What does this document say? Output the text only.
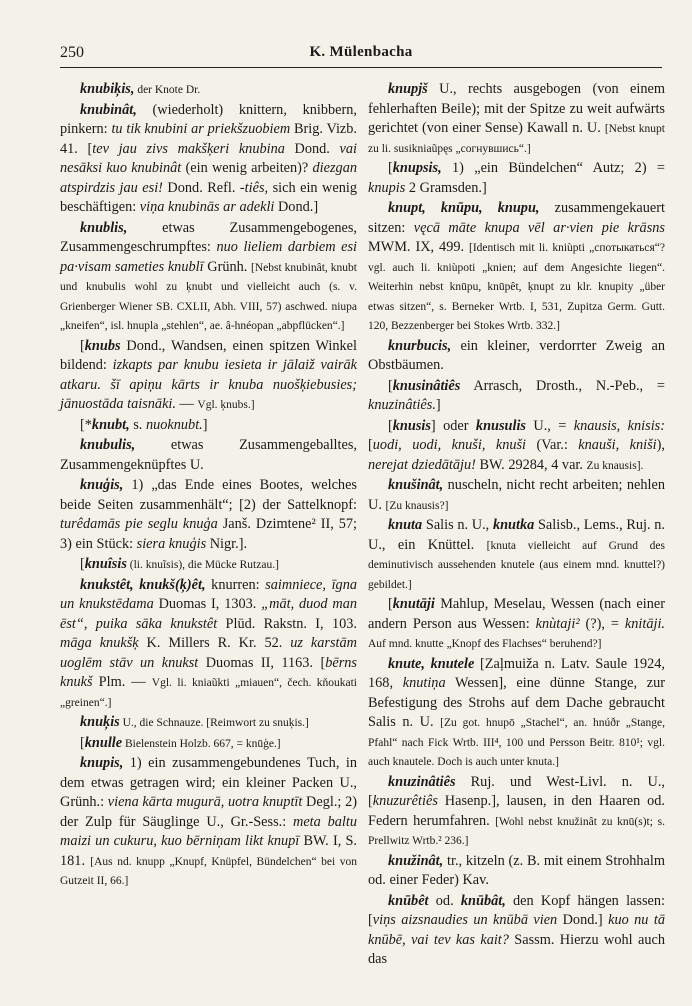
250	K. Mülenbacha

knubiķis, der Knote Dr.

knubinât, (wiederholt) knittern, knibbern, pinkern: tu tik knubini ar priekšzuobiem Brig. Vizb. 41. [tev jau zivs makšķeri knubina Dond. vai nesāksi kuo knubinât (ein wenig arbeiten)? diezgan atspirdzis jau esi! Dond. Refl. -tiês, sich ein wenig beschäftigen: viņa knubinās ar adekli Dond.]

knublis, etwas Zusammengebogenes, Zusammengeschrumpftes: nuo lieliem darbiem esi pa·visam sameties knublī Grünh. [Nebst knubinât, knubt und knubulis wohl zu ķnubt und vielleicht auch (s. v. Grienberger Wiener SB. CXLII, Abh. VIII, 57) aschwed. niupa „kneifen“, isl. hnupla „stehlen“, ae. â-hnéopan „abpflücken“.]

[knubs Dond., Wandsen, einen spitzen Winkel bildend: izkapts par knubu iesieta ir jālaiž vairāk atkaru. šī apiņu kārts ir knuba nuošķiebusies; jānuostāda taisnāki. — Vgl. ķnubs.]

[*knubt, s. nuoknubt.]

knubulis, etwas Zusammengeballtes, Zusammengeknüpftes U.

knuģis, 1) „das Ende eines Bootes, welches beide Seiten zusammenhält“; [2) der Sattelknopf: turêdamās pie seglu knuģa Janš. Dzimtene² II, 57; 3) ein Stück: siera knuģis Nigr.].

[knuîsis (li. knuĩsis), die Mücke Rutzau.]

knukstêt, knukš(ķ)êt, knurren: saimniece, īgna un knukstēdama Duomas I, 1303. „māt, duod man ēst“, puika sāka knukstêt Plūd. Rakstn. I, 103. māga knukšķ K. Millers R. Kr. 52. uz karstām uoglēm stāv un knukst Duomas II, 1163. [bērns knukš Plm. — Vgl. li. kniaũkti „miauen“, čech. kňoukati „greinen“.]

knuķis U., die Schnauze. [Reimwort zu snuķis.]

[knulle Bielenstein Holzb. 667, = knūģe.]

knupis, 1) ein zusammengebundenes Tuch, in dem etwas getragen wird; ein kleiner Packen U., Grünh.: viena kārta mugurā, uotra knuptīt Degl.; 2) der Zulp für Säuglinge U., Gr.-Sess.: meta baltu maizi un cukuru, kuo bērniņam likt knupī BW. I, S. 181. [Aus nd. knupp „Knupf, Knüpfel, Bündelchen“ bei von Gutzeit II, 66.]

knupjš U., rechts ausgebogen (von einem fehlerhaften Beile); mit der Spitze zu weit aufwärts gerichtet (von einer Sense) Kawall n. U. [Nebst knupt zu li. susikniaũpęs „согнувшись“.]

[knupsis, 1) „ein Bündelchen“ Autz; 2) = knupis 2 Gramsden.]

knupt, knūpu, knupu, zusammengekauert sitzen: vęcā māte knupa vēl ar·vien pie krāsns MWM. IX, 499. [Identisch mit li. kniùpti „спотыкаться“? vgl. auch li. kniùpoti „knien; auf dem Angesichte liegen“. Weiterhin nebst knūpu, knūpêt, ķnupt zu klr. knupity „über etwas sitzen“, s. Berneker Wrtb. I, 531, Zupitza Germ. Gutt. 120, Bezzenberger bei Stokes Wrtb. 332.]

knurbucis, ein kleiner, verdorrter Zweig an Obstbäumen.

[knusinâtiês Arrasch, Drosth., N.-Peb., = knuzinâtiês.]

[knusis] oder knusulis U., = knausis, knisis: [uodi, uodi, knuši, knuši (Var.: knauši, kniši), nerejat dziedātāju! BW. 29284, 4 var. Zu knausis].

knušinât, nuscheln, nicht recht arbeiten; nehlen U. [Zu knausis?]

knuta Salis n. U., knutka Salisb., Lems., Ruj. n. U., ein Knüttel. [knuta vielleicht auf Grund des deminutivisch aussehenden knutele (aus einem mnd. knuttel?) gebildet.]

[knutāji Mahlup, Meselau, Wessen (nach einer andern Person aus Wessen: knùtaji² (?), = knitāji. Auf mnd. knutte „Knopf des Flachses“ beruhend?]

knute, knutele [Zaļmuiža n. Latv. Saule 1924, 168, knutiņa Wessen], eine dünne Stange, zur Befestigung des Strohs auf dem Dache gebraucht Salis n. U. [Zu got. hnupō „Stachel“, an. hnúðr „Stange, Pfahl“ nach Fick Wrtb. III⁴, 100 und Persson Beitr. 810¹; vgl. auch knautele. Doch is auch unter knuta.]

knuzinâtiês Ruj. und West-Livl. n. U., [knuzurêtiês Hasenp.], lausen, in den Haaren od. Federn herumfahren. [Wohl nebst knužinât zu knū(s)t; s. Prellwitz Wrtb.² 236.]

knužinât, tr., kitzeln (z. B. mit einem Strohhalm od. einer Feder) Kav.

knūbêt od. knūbât, den Kopf hängen lassen: [viņs aizsnaudies un knūbā vien Dond.] kuo nu tā knūbē, vai tev kas kait? Sassm. Hierzu wohl auch das
